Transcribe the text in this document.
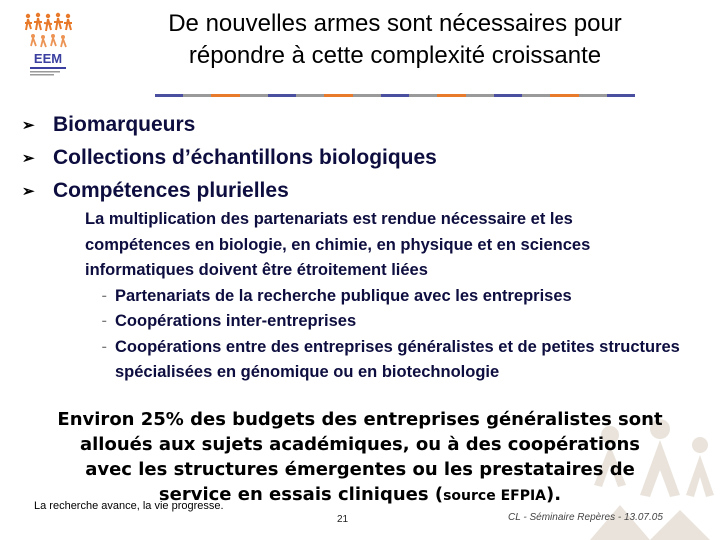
EEM
De nouvelles armes sont nécessaires pour
répondre à cette complexité croissante
➢ Biomarqueurs
➢ Collections d’échantillons biologiques
➢ Compétences plurielles
La multiplication des partenariats est rendue nécessaire et les
compétences en biologie, en chimie, en physique et en sciences
informatiques doivent être étroitement liées
- Partenariats de la recherche publique avec les entreprises
- Coopérations inter-entreprises
- Coopérations entre des entreprises généralistes et de petites structures spécialisées en génomique ou en biotechnologie
Environ 25% des budgets des entreprises généralistes sont
alloués aux sujets académiques, ou à des coopérations
avec les structures émergentes ou les prestataires de
service en essais cliniques (source EFPIA).
La recherche avance, la vie progresse.
21	CL - Séminaire Repères - 13.07.05
